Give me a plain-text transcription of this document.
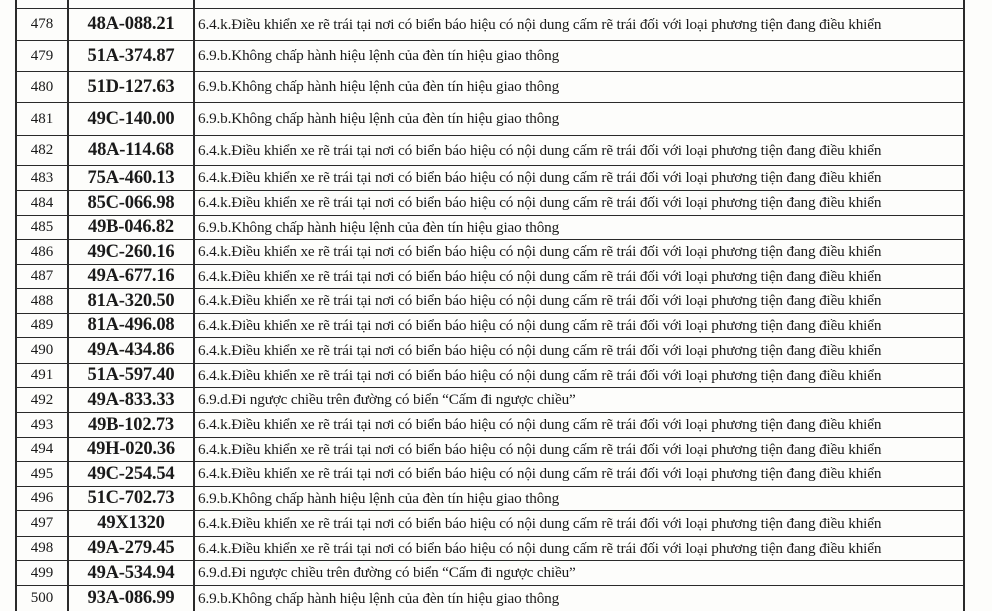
478	48A-088.21	6.4.k.Điều khiển xe rẽ trái tại nơi có biển báo hiệu có nội dung cấm rẽ trái đối với loại phương tiện đang điều khiển
479	51A-374.87	6.9.b.Không chấp hành hiệu lệnh của đèn tín hiệu giao thông
480	51D-127.63	6.9.b.Không chấp hành hiệu lệnh của đèn tín hiệu giao thông
481	49C-140.00	6.9.b.Không chấp hành hiệu lệnh của đèn tín hiệu giao thông
482	48A-114.68	6.4.k.Điều khiển xe rẽ trái tại nơi có biển báo hiệu có nội dung cấm rẽ trái đối với loại phương tiện đang điều khiển
483	75A-460.13	6.4.k.Điều khiển xe rẽ trái tại nơi có biển báo hiệu có nội dung cấm rẽ trái đối với loại phương tiện đang điều khiển
484	85C-066.98	6.4.k.Điều khiển xe rẽ trái tại nơi có biển báo hiệu có nội dung cấm rẽ trái đối với loại phương tiện đang điều khiển
485	49B-046.82	6.9.b.Không chấp hành hiệu lệnh của đèn tín hiệu giao thông
486	49C-260.16	6.4.k.Điều khiển xe rẽ trái tại nơi có biển báo hiệu có nội dung cấm rẽ trái đối với loại phương tiện đang điều khiển
487	49A-677.16	6.4.k.Điều khiển xe rẽ trái tại nơi có biển báo hiệu có nội dung cấm rẽ trái đối với loại phương tiện đang điều khiển
488	81A-320.50	6.4.k.Điều khiển xe rẽ trái tại nơi có biển báo hiệu có nội dung cấm rẽ trái đối với loại phương tiện đang điều khiển
489	81A-496.08	6.4.k.Điều khiển xe rẽ trái tại nơi có biển báo hiệu có nội dung cấm rẽ trái đối với loại phương tiện đang điều khiển
490	49A-434.86	6.4.k.Điều khiển xe rẽ trái tại nơi có biển báo hiệu có nội dung cấm rẽ trái đối với loại phương tiện đang điều khiển
491	51A-597.40	6.4.k.Điều khiển xe rẽ trái tại nơi có biển báo hiệu có nội dung cấm rẽ trái đối với loại phương tiện đang điều khiển
492	49A-833.33	6.9.d.Đi ngược chiều trên đường có biển “Cấm đi ngược chiều”
493	49B-102.73	6.4.k.Điều khiển xe rẽ trái tại nơi có biển báo hiệu có nội dung cấm rẽ trái đối với loại phương tiện đang điều khiển
494	49H-020.36	6.4.k.Điều khiển xe rẽ trái tại nơi có biển báo hiệu có nội dung cấm rẽ trái đối với loại phương tiện đang điều khiển
495	49C-254.54	6.4.k.Điều khiển xe rẽ trái tại nơi có biển báo hiệu có nội dung cấm rẽ trái đối với loại phương tiện đang điều khiển
496	51C-702.73	6.9.b.Không chấp hành hiệu lệnh của đèn tín hiệu giao thông
497	49X1320	6.4.k.Điều khiển xe rẽ trái tại nơi có biển báo hiệu có nội dung cấm rẽ trái đối với loại phương tiện đang điều khiển
498	49A-279.45	6.4.k.Điều khiển xe rẽ trái tại nơi có biển báo hiệu có nội dung cấm rẽ trái đối với loại phương tiện đang điều khiển
499	49A-534.94	6.9.d.Đi ngược chiều trên đường có biển “Cấm đi ngược chiều”
500	93A-086.99	6.9.b.Không chấp hành hiệu lệnh của đèn tín hiệu giao thông
